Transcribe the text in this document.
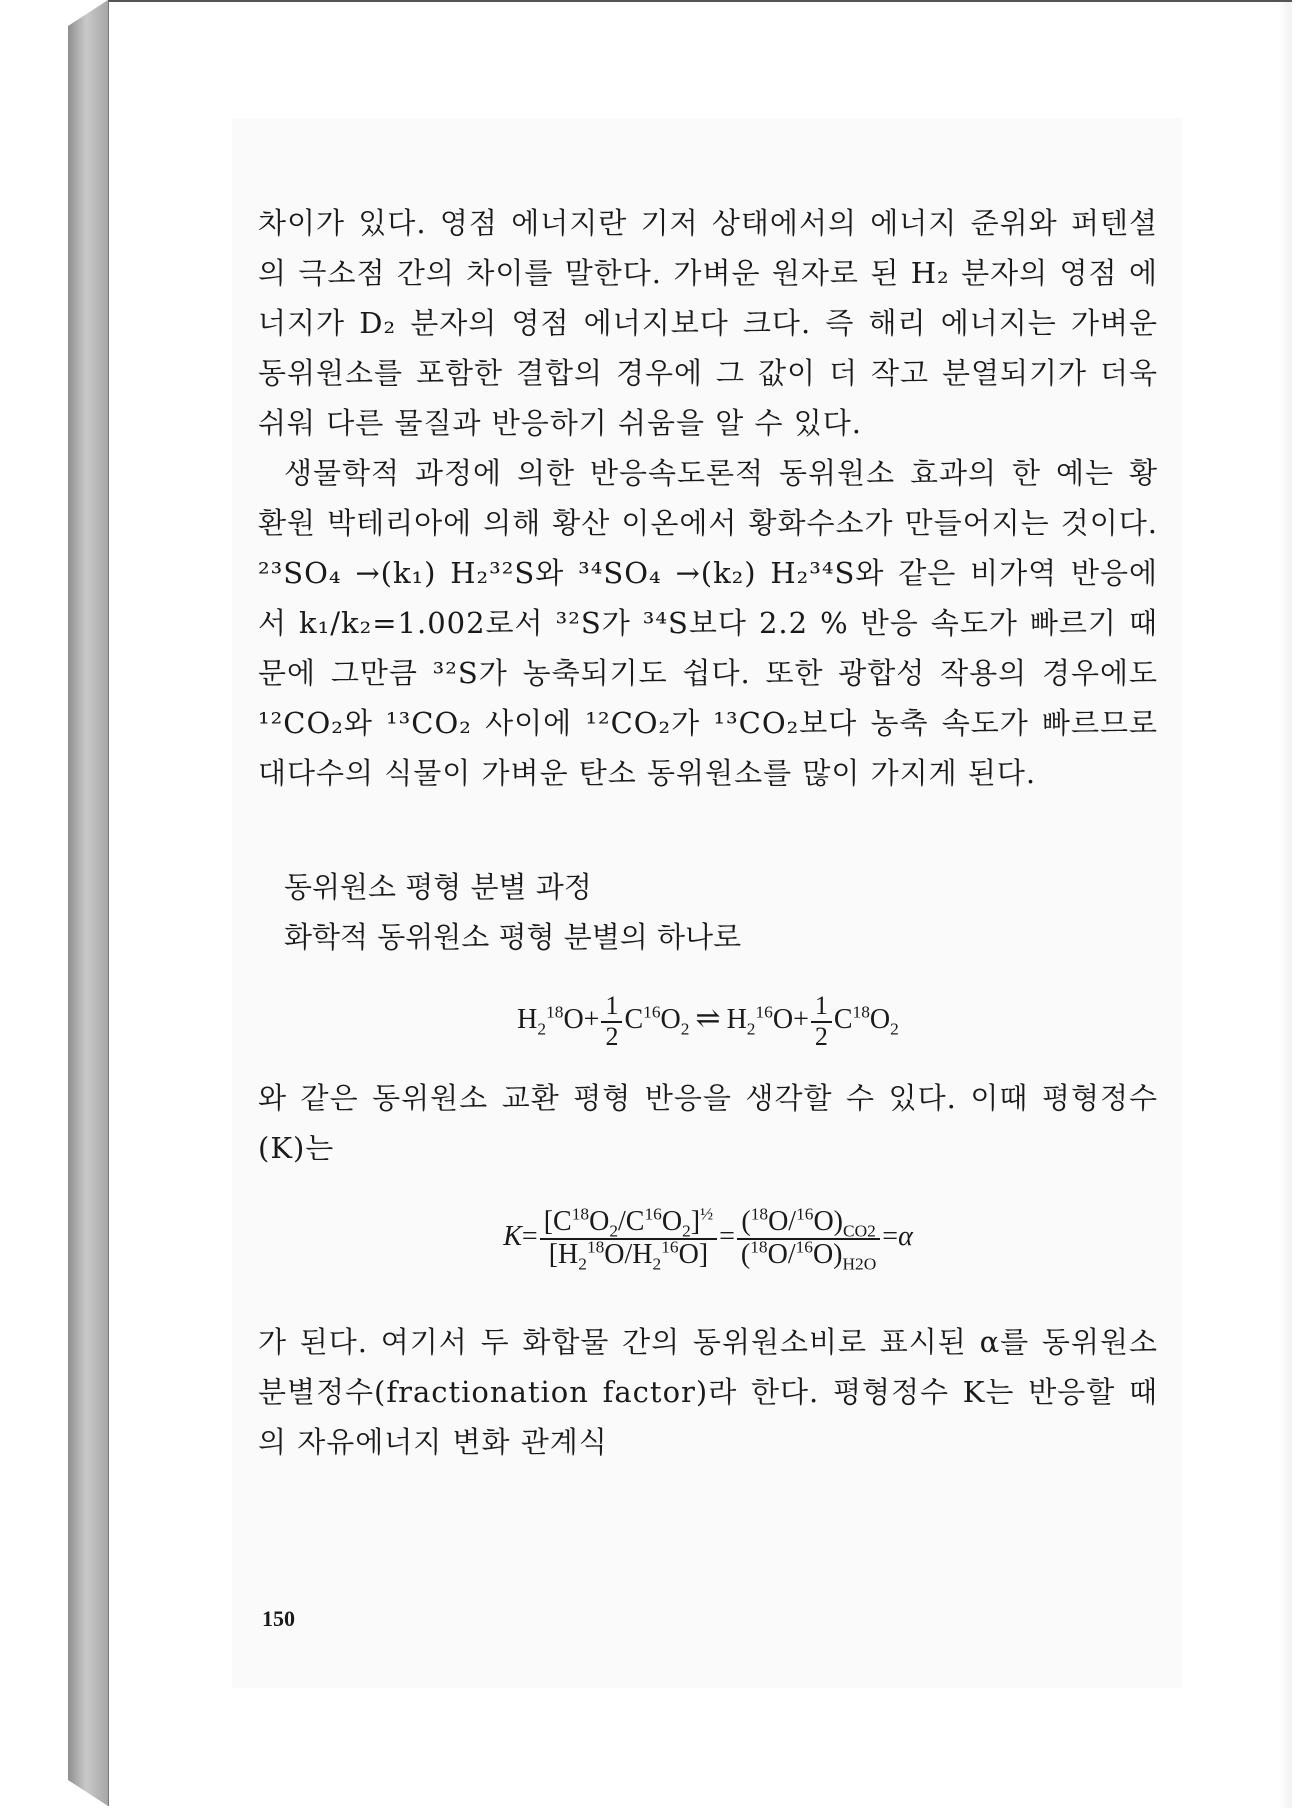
차이가 있다. 영점 에너지란 기저 상태에서의 에너지 준위와 퍼텐셜의 극소점 간의 차이를 말한다. 가벼운 원자로 된 H₂ 분자의 영점 에너지가 D₂ 분자의 영점 에너지보다 크다. 즉 해리 에너지는 가벼운 동위원소를 포함한 결합의 경우에 그 값이 더 작고 분열되기가 더욱 쉬워 다른 물질과 반응하기 쉬움을 알 수 있다.

생물학적 과정에 의한 반응속도론적 동위원소 효과의 한 예는 황 환원 박테리아에 의해 황산 이온에서 황화수소가 만들어지는 것이다. ²³SO₄ →(k₁) H₂³²S와 ³⁴SO₄ →(k₂) H₂³⁴S와 같은 비가역 반응에서 k₁/k₂=1.002로서 ³²S가 ³⁴S보다 2.2 % 반응 속도가 빠르기 때문에 그만큼 ³²S가 농축되기도 쉽다. 또한 광합성 작용의 경우에도 ¹²CO₂와 ¹³CO₂ 사이에 ¹²CO₂가 ¹³CO₂보다 농축 속도가 빠르므로 대다수의 식물이 가벼운 탄소 동위원소를 많이 가지게 된다.

동위원소 평형 분별 과정
화학적 동위원소 평형 분별의 하나로
$H_2^{18}O+ \frac{1}{2} C^{16}O_2$ ⇌ $H_2^{16}O+ \frac{1}{2} C^{18}O_2$

와 같은 동위원소 교환 평형 반응을 생각할 수 있다. 이때 평형정수(K)는

$K= \frac{[C^{18}O_2/C^{16}O_2]^{\frac{1}{2}}}{[H_2^{18}O/H_2^{16}O]} = \frac{(^{18}O/^{16}O)_{CO2}}{(^{18}O/^{16}O)_{H2O}} =\alpha$

가 된다. 여기서 두 화합물 간의 동위원소비로 표시된 α를 동위원소 분별정수(fractionation factor)라 한다. 평형정수 K는 반응할 때의 자유에너지 변화 관계식

150
